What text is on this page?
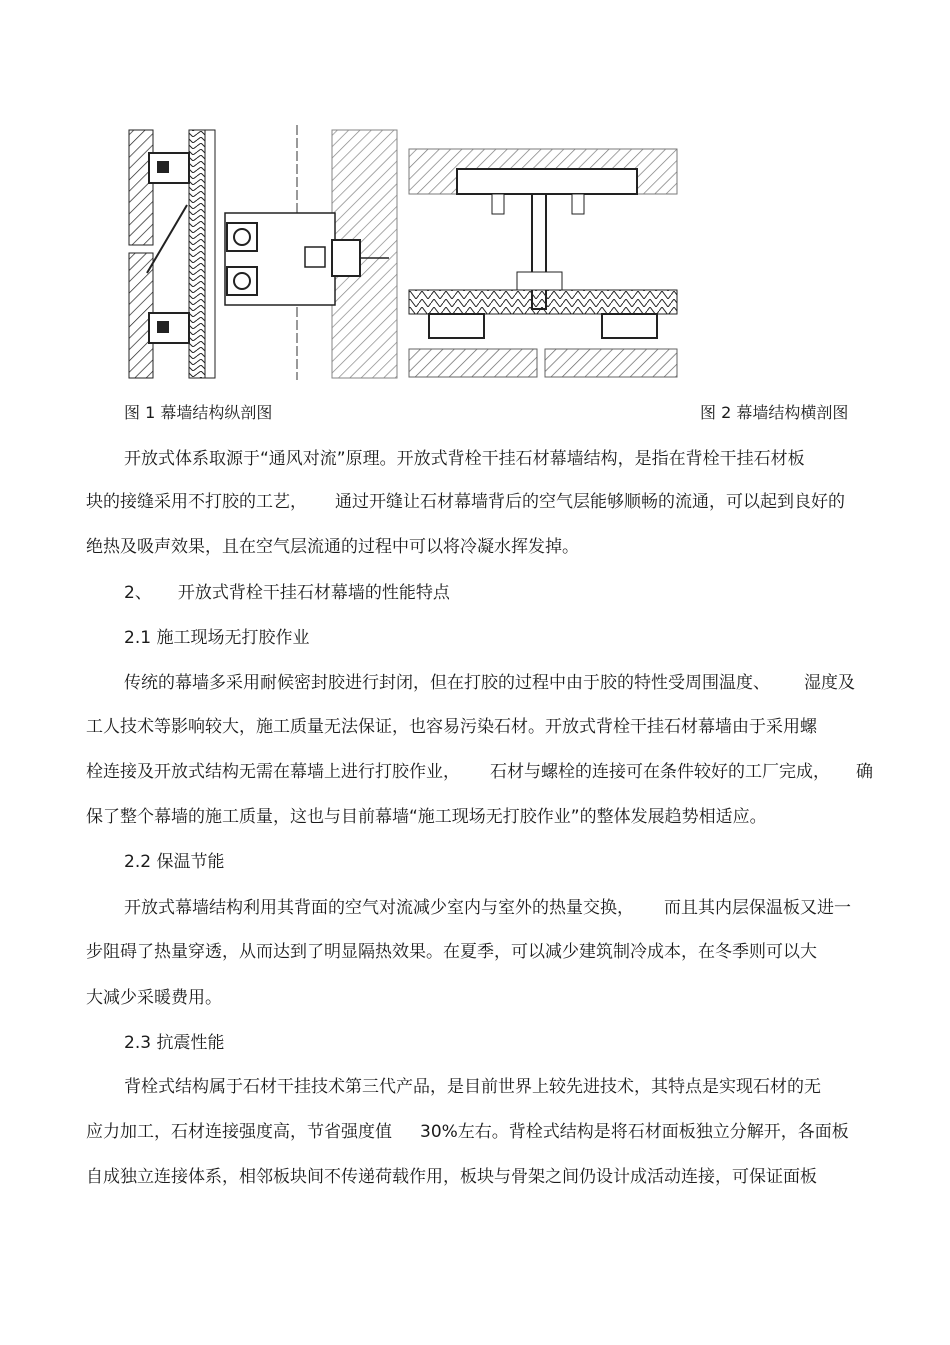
图 1 幕墙结构纵剖图	图 2 幕墙结构横剖图
开放式体系取源于“通风对流”原理。开放式背栓干挂石材幕墙结构，是指在背栓干挂石材板
块的接缝采用不打胶的工艺， 通过开缝让石材幕墙背后的空气层能够顺畅的流通，可以起到良好的
绝热及吸声效果，且在空气层流通的过程中可以将冷凝水挥发掉。
2、 开放式背栓干挂石材幕墙的性能特点
2.1 施工现场无打胶作业
传统的幕墙多采用耐候密封胶进行封闭，但在打胶的过程中由于胶的特性受周围温度、 湿度及
工人技术等影响较大，施工质量无法保证，也容易污染石材。开放式背栓干挂石材幕墙由于采用螺
栓连接及开放式结构无需在幕墙上进行打胶作业， 石材与螺栓的连接可在条件较好的工厂完成， 确
保了整个幕墙的施工质量，这也与目前幕墙“施工现场无打胶作业”的整体发展趋势相适应。
2.2 保温节能
开放式幕墙结构利用其背面的空气对流减少室内与室外的热量交换， 而且其内层保温板又进一
步阻碍了热量穿透，从而达到了明显隔热效果。在夏季，可以减少建筑制冷成本，在冬季则可以大
大减少采暖费用。
2.3 抗震性能
背栓式结构属于石材干挂技术第三代产品，是目前世界上较先进技术，其特点是实现石材的无
应力加工，石材连接强度高，节省强度值 30%左右。背栓式结构是将石材面板独立分解开，各面板
自成独立连接体系，相邻板块间不传递荷载作用，板块与骨架之间仍设计成活动连接，可保证面板
